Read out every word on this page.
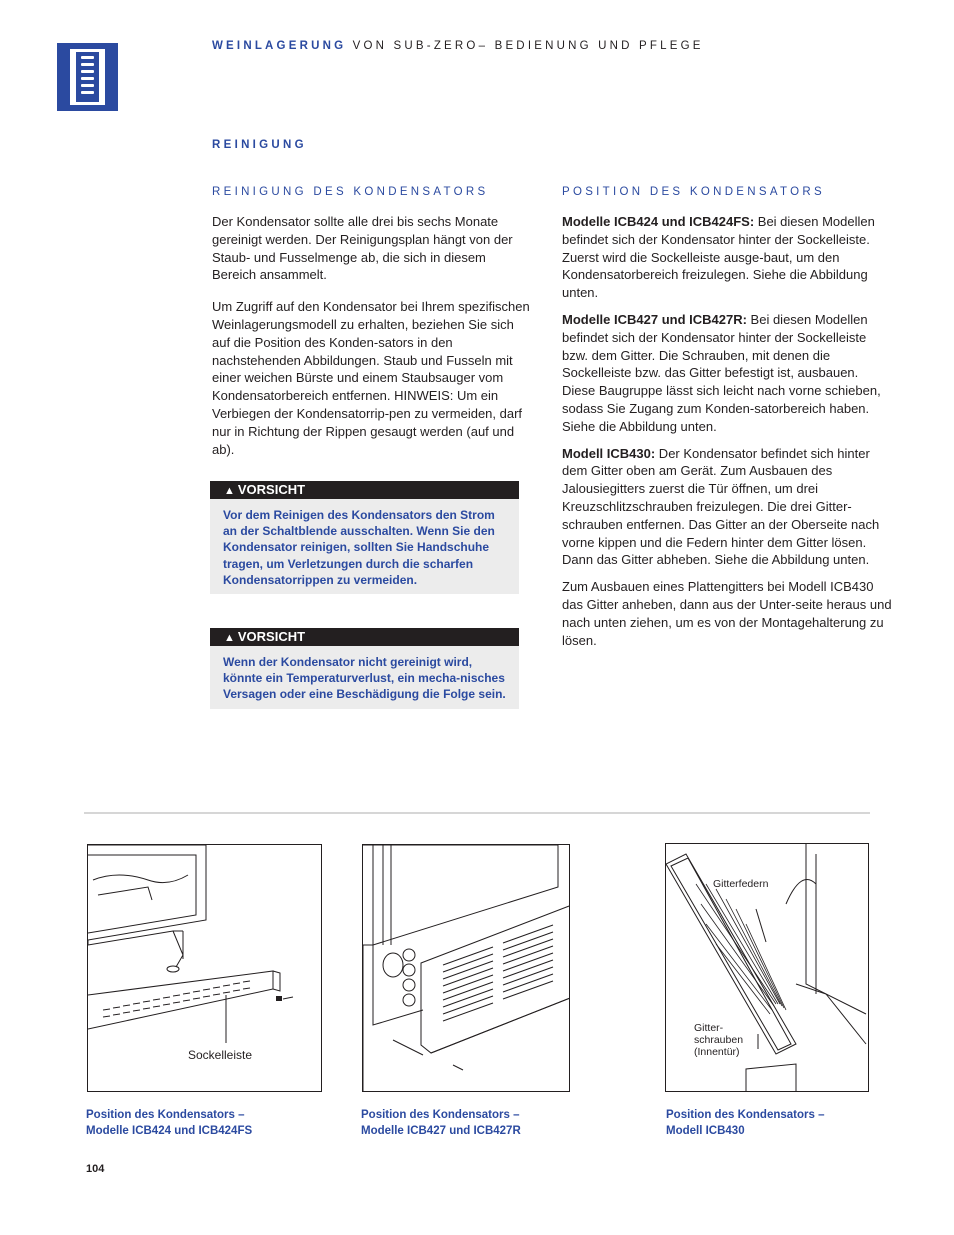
WEINLAGERUNG VON SUB-ZERO– BEDIENUNG UND PFLEGE
REINIGUNG
REINIGUNG DES KONDENSATORS

Der Kondensator sollte alle drei bis sechs Monate gereinigt werden. Der Reinigungsplan hängt von der Staub- und Fusselmenge ab, die sich in diesem Bereich ansammelt.

Um Zugriff auf den Kondensator bei Ihrem spezifischen Weinlagerungsmodell zu erhalten, beziehen Sie sich auf die Position des Konden-sators in den nachstehenden Abbildungen. Staub und Fusseln mit einer weichen Bürste und einem Staubsauger vom Kondensatorbereich entfernen. HINWEIS: Um ein Verbiegen der Kondensatorrip-pen zu vermeiden, darf nur in Richtung der Rippen gesaugt werden (auf und ab).

▲ VORSICHT
Vor dem Reinigen des Kondensators den Strom an der Schaltblende ausschalten. Wenn Sie den Kondensator reinigen, sollten Sie Handschuhe tragen, um Verletzungen durch die scharfen Kondensatorrippen zu vermeiden.
▲ VORSICHT
Wenn der Kondensator nicht gereinigt wird, könnte ein Temperaturverlust, ein mecha-nisches Versagen oder eine Beschädigung die Folge sein.
POSITION DES KONDENSATORS

Modelle ICB424 und ICB424FS: Bei diesen Modellen befindet sich der Kondensator hinter der Sockelleiste. Zuerst wird die Sockelleiste ausge-baut, um den Kondensatorbereich freizulegen. Siehe die Abbildung unten.

Modelle ICB427 und ICB427R: Bei diesen Modellen befindet sich der Kondensator hinter der Sockelleiste bzw. dem Gitter. Die Schrauben, mit denen die Sockelleiste bzw. das Gitter befestigt ist, ausbauen. Diese Baugruppe lässt sich leicht nach vorne schieben, sodass Sie Zugang zum Konden-satorbereich haben. Siehe die Abbildung unten.

Modell ICB430: Der Kondensator befindet sich hinter dem Gitter oben am Gerät. Zum Ausbauen des Jalousiegitters zuerst die Tür öffnen, um drei Kreuzschlitzschrauben freizulegen. Die drei Gitter-schrauben entfernen. Das Gitter an der Oberseite nach vorne kippen und die Federn hinter dem Gitter lösen. Dann das Gitter abheben. Siehe die Abbildung unten.

Zum Ausbauen eines Plattengitters bei Modell ICB430 das Gitter anheben, dann aus der Unter-seite heraus und nach unten ziehen, um es von der Montagehalterung zu lösen.

Sockelleiste
Position des Kondensators –
Modelle ICB424 und ICB424FS
Position des Kondensators –
Modelle ICB427 und ICB427R
Gitterfedern
Gitter-
schrauben
(Innentür)
Position des Kondensators –
Modell ICB430
104
